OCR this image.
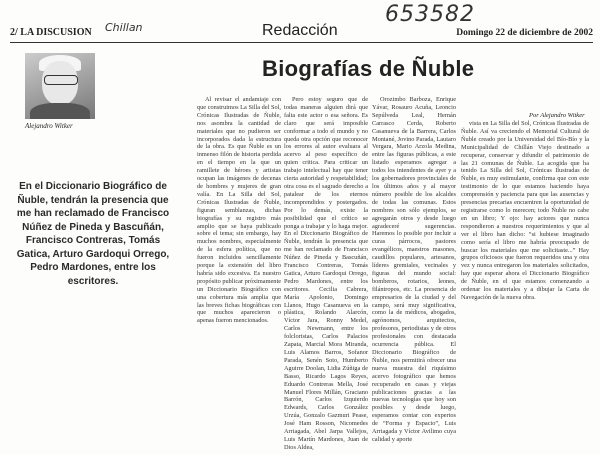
653582
Chillan
2/ LA DISCUSION	Redacción	Domingo 22 de diciembre de 2002
Alejandro Witker
En el Diccionario Biográfico de Ñuble, tendrán la presencia que me han reclamado de Francisco Núñez de Pineda y Bascuñán, Francisco Contreras, Tomás Gatica, Arturo Gardoqui Orrego, Pedro Mardones, entre los escritores.
Biografías de Ñuble
Por Alejandro Witker

Al revisar el andamiaje con que construimos La Silla del Sol, Crónicas Ilustradas de Ñuble, nos asombra la cantidad de materiales que no pudieron ser incorporados dada la estructura de la obra. Es que Ñuble es un inmenso filón de historia perdida en el tiempo en la que un ramillete de héroes y artistas ocupan las imágenes de decenas de hombres y mujeres de gran valía. En La Silla del Sol, Crónicas Ilustradas de Ñuble, figuran semblanzas, dichas biografías y su registro más amplio que se haya publicado sobre el tema; sin embargo, hay muchos nombres, especialmente de la esfera política, que no fueron incluidos sencillamente porque la extensión del libro habría sido excesiva. Es nuestro propósito publicar próximamente un Diccionario Biográfico con una cobertura más amplia que las breves fichas biográficas con que muchos aparecieron o apenas fueron mencionados.

Pero estoy seguro que de todas maneras alguien dirá que falta este actor o esa señora. Es claro que será imposible conformar a todo el mundo y no queda otra opción que reconocer los errores al autor evaluara al acervo al peso específico de quien critica. Para criticar un trabajo intelectual hay que tener cierta autoridad y respetabilidad; otra cosa es el sagrado derecho a patalear de los eternos incomprendidos y postergados. Por lo demás, existe la posibilidad que el crítico se ponga a trabajar y lo haga mejor. En el Diccionario Biográfico de Ñuble, tendrán la presencia que me han reclamado de Francisco Núñez de Pineda y Bascuñán, Francisco Contreras, Tomás Gatica, Arturo Gardoqui Orrego, Pedro Mardones, entre los escritores. Cecilia Cabrera, María Apolonio, Domingo Llanos, Hugo Casanueva en la plástica, Rolando Alarcón, Víctor Jara, Ronny Medel, Carlos Newmann, entre los folcloristas, Carlos Palacios Zapata, Marcial Mora Miranda, Luis Alamos Barros, Sofanor Parada, Senén Soto, Humberto Aguirre Doolan, Lidia Zúñiga de Basso, Ricardo Lagos Reyes, Eduardo Contreras Mella, José Manuel Flores Millán, Graciano Barrón, Carlos Izquierdo Edwards, Carlos González Urzúa, Gonzalo Gazmuri Pease, José Ham Rosson, Nicomedes Arriagada, Abel Jarpa Vallejos, Luis Martín Mardones, Juan de Dios Aldea,

Orozimbo Barboza, Enrique Yávar, Rosauro Acuña, Leoncio Sepúlveda Leal, Hernán Carrasco Cerda, Roberto Casanueva de la Barrera, Carlos Montané, Jovino Parada, Lautaro Vergara, Mario Arzola Medina, entre las figuras públicas, a este listado esperamos agregar a todos los intendentes de ayer y a los gobernadores provinciales de los últimos años y al mayor número posible de los alcaldes de todas las comunas. Estos nombres son sólo ejemplos, se agregarán otros y desde luego agradeceré sugerencias. Haremos lo posible por incluir a curas párrocos, pastores evangélicos, maestros masones, caudillos populares, artesanos, líderes gremiales, vecinales y figuras del mundo social: bomberos, rotarios, leones, filántropos, etc. La presencia de empresarios de la ciudad y del campo, será muy significativa, como la de médicos, abogados, agrónomos, arquitectos, profesores, periodistas y de otros profesionales con destacada ocurrencia pública. El Diccionario Biográfico de Ñuble, nos permitirá ofrecer una nueva muestra del riquísimo acervo fotográfico que hemos recuperado en casas y viejas publicaciones gracias a las nuevas tecnologías que hoy son posibles y desde luego, esperamos contar con expertos de “Forma y Espacio”, Luis Arriagada y Víctor Avilimo cuya calidad y aporte

vista en La Silla del Sol, Crónicas Ilustradas de Ñuble. Así va creciendo el Memorial Cultural de Ñuble creado por la Universidad del Bío-Bío y la Municipalidad de Chillán Viejo destinado a recuperar, conservar y difundir el patrimonio de las 21 comunas de Ñuble. La acogida que ha tenido La Silla del Sol, Crónicas Ilustradas de Ñuble, es muy estimulante, confirma que con este testimonio de lo que estamos haciendo haya comprensión y paciencia para que las ausencias y presencias precarias encuentren la oportunidad de registrarse como lo merecen; todo Ñuble no cabe en un libro; Y ojo: hay actores que nunca respondieron a nuestros requerimientos y que al ver el libro han dicho: “si hubiese imaginado como sería el libro me habría preocupado de buscar los materiales que me solicitaste...” Hay grupos oficiosos que fueron requeridos una y otra vez y nunca entregaron los materiales solicitados, hay que esperar ahora el Diccionario Biográfico de Ñuble, en el que estamos comenzando a ordenar los materiales y a dibujar la Carta de Navegación de la nueva obra.
